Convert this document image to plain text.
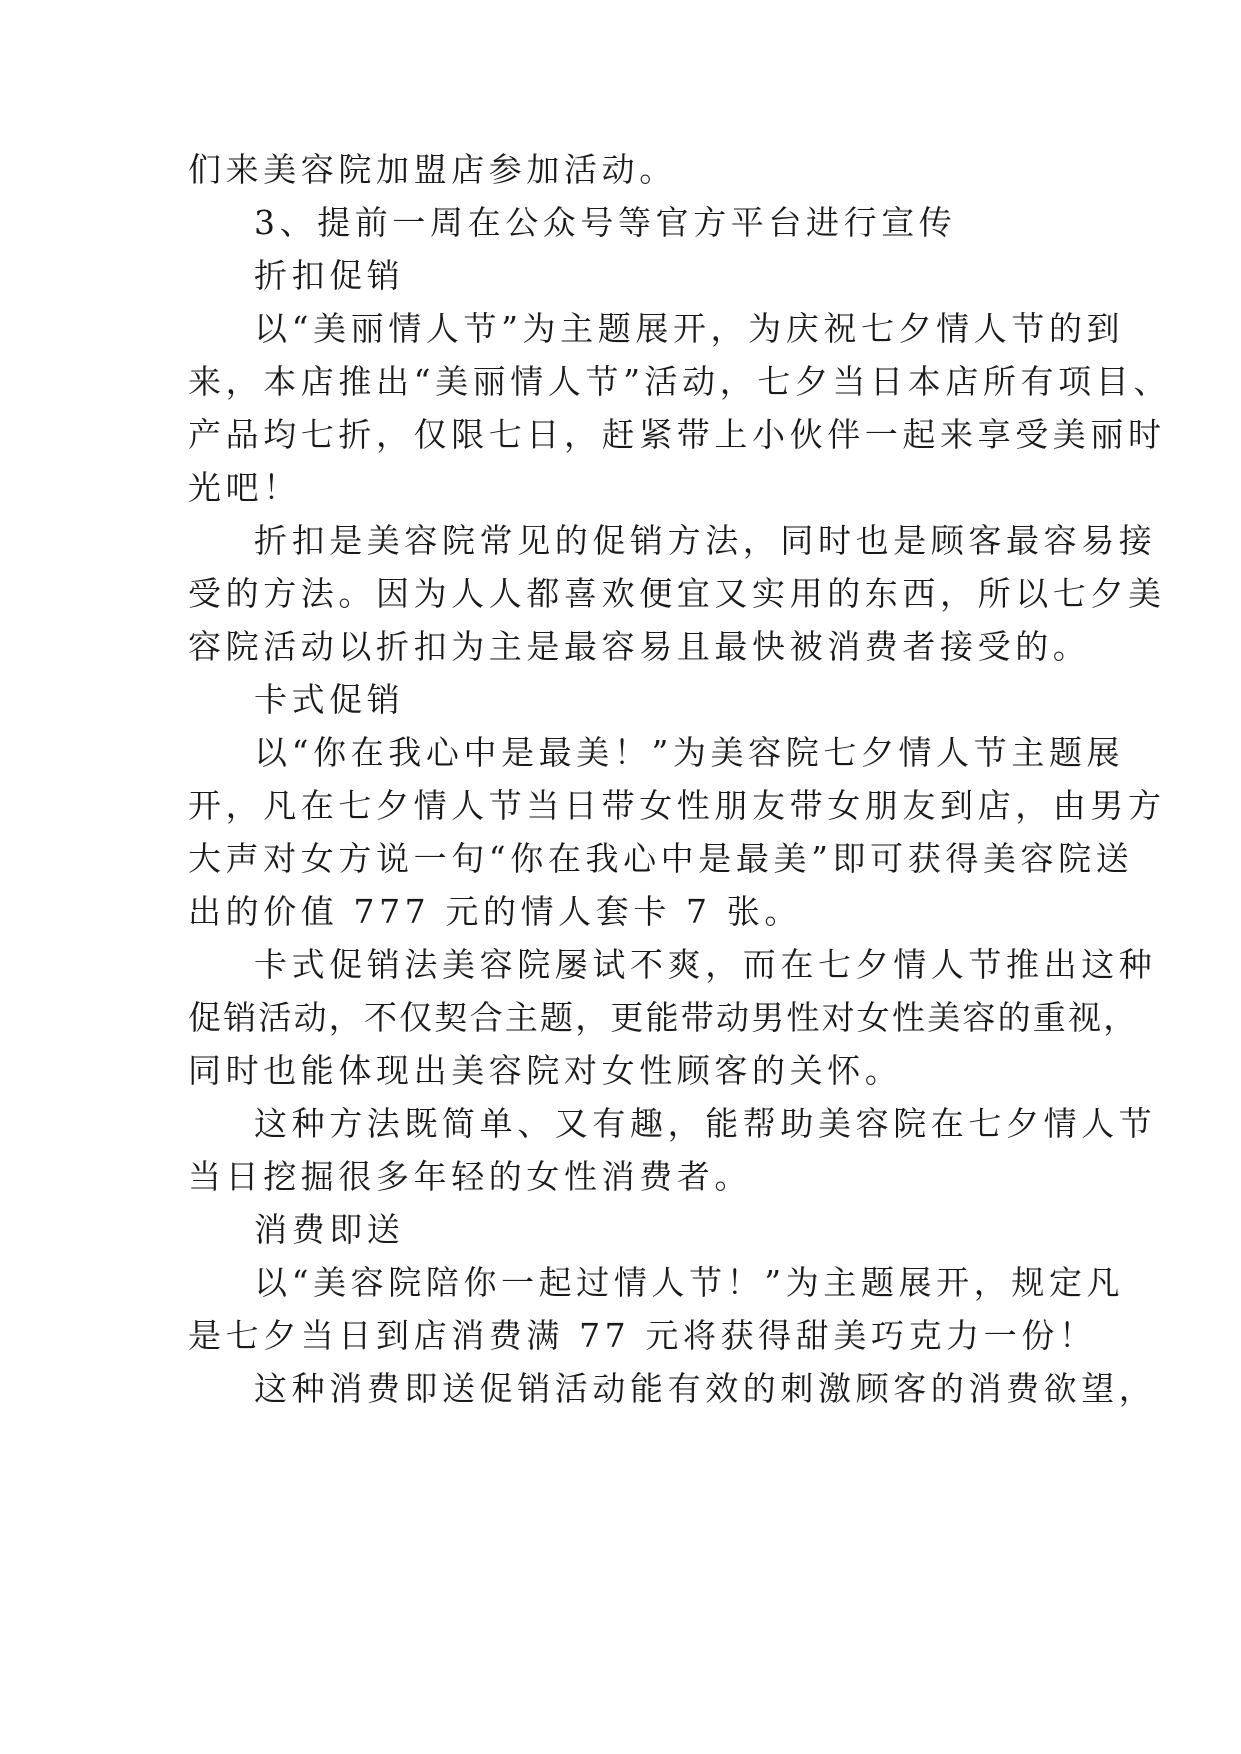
们来美容院加盟店参加活动。
3、提前一周在公众号等官方平台进行宣传
折扣促销
以“美丽情人节”为主题展开，为庆祝七夕情人节的到
来，本店推出“美丽情人节”活动，七夕当日本店所有项目、
产品均七折，仅限七日，赶紧带上小伙伴一起来享受美丽时
光吧！
折扣是美容院常见的促销方法，同时也是顾客最容易接
受的方法。因为人人都喜欢便宜又实用的东西，所以七夕美
容院活动以折扣为主是最容易且最快被消费者接受的。
卡式促销
以“你在我心中是最美！”为美容院七夕情人节主题展
开，凡在七夕情人节当日带女性朋友带女朋友到店，由男方
大声对女方说一句“你在我心中是最美”即可获得美容院送
出的价值 777 元的情人套卡 7 张。
卡式促销法美容院屡试不爽，而在七夕情人节推出这种
促销活动，不仅契合主题，更能带动男性对女性美容的重视，
同时也能体现出美容院对女性顾客的关怀。
这种方法既简单、又有趣，能帮助美容院在七夕情人节
当日挖掘很多年轻的女性消费者。
消费即送
以“美容院陪你一起过情人节！”为主题展开，规定凡
是七夕当日到店消费满 77 元将获得甜美巧克力一份！
这种消费即送促销活动能有效的刺激顾客的消费欲望，
